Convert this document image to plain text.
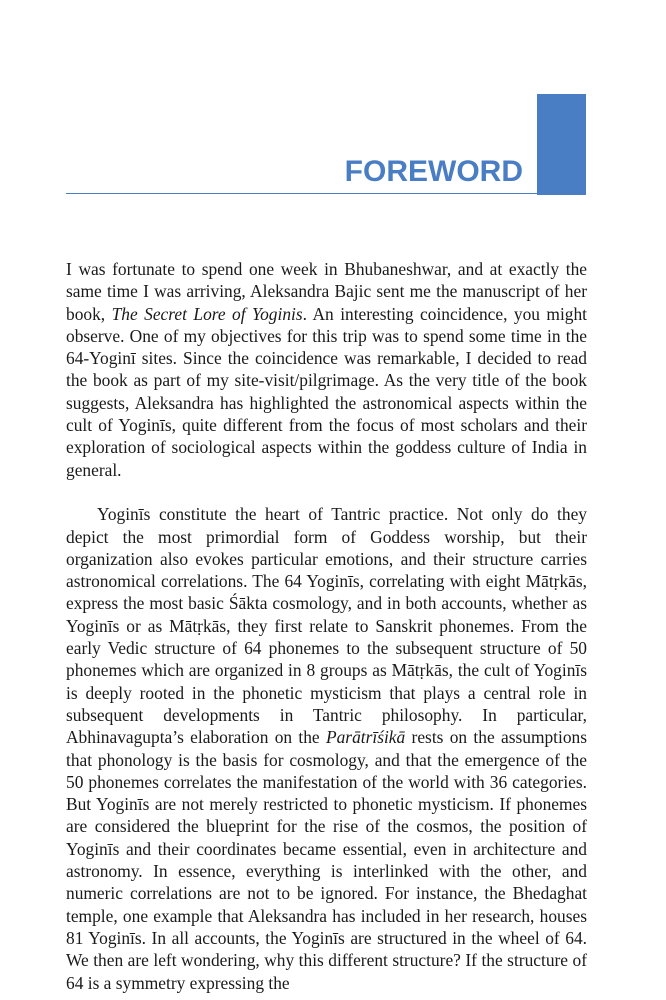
FOREWORD

I was fortunate to spend one week in Bhubaneshwar, and at exactly the same time I was arriving, Aleksandra Bajic sent me the manuscript of her book, The Secret Lore of Yoginis. An interesting coincidence, you might observe. One of my objectives for this trip was to spend some time in the 64-Yoginī sites. Since the coincidence was remarkable, I decided to read the book as part of my site-visit/pilgrimage. As the very title of the book suggests, Aleksandra has highlighted the astronomical aspects within the cult of Yoginīs, quite different from the focus of most scholars and their exploration of sociological aspects within the goddess culture of India in general.

Yoginīs constitute the heart of Tantric practice. Not only do they depict the most primordial form of Goddess worship, but their organization also evokes particular emotions, and their structure carries astronomical correlations. The 64 Yoginīs, correlating with eight Mātṛkās, express the most basic Śākta cosmology, and in both accounts, whether as Yoginīs or as Mātṛkās, they first relate to Sanskrit phonemes. From the early Vedic structure of 64 phonemes to the subsequent structure of 50 phonemes which are organized in 8 groups as Mātṛkās, the cult of Yoginīs is deeply rooted in the phonetic mysticism that plays a central role in subsequent developments in Tantric philosophy. In particular, Abhinavagupta’s elaboration on the Parātrīśikā rests on the assumptions that phonology is the basis for cosmology, and that the emergence of the 50 phonemes correlates the manifestation of the world with 36 categories. But Yoginīs are not merely restricted to phonetic mysticism. If phonemes are considered the blueprint for the rise of the cosmos, the position of Yoginīs and their coordinates became essential, even in architecture and astronomy. In essence, everything is interlinked with the other, and numeric correlations are not to be ignored. For instance, the Bhedaghat temple, one example that Aleksandra has included in her research, houses 81 Yoginīs. In all accounts, the Yoginīs are structured in the wheel of 64. We then are left wondering, why this different structure? If the structure of 64 is a symmetry expressing the
